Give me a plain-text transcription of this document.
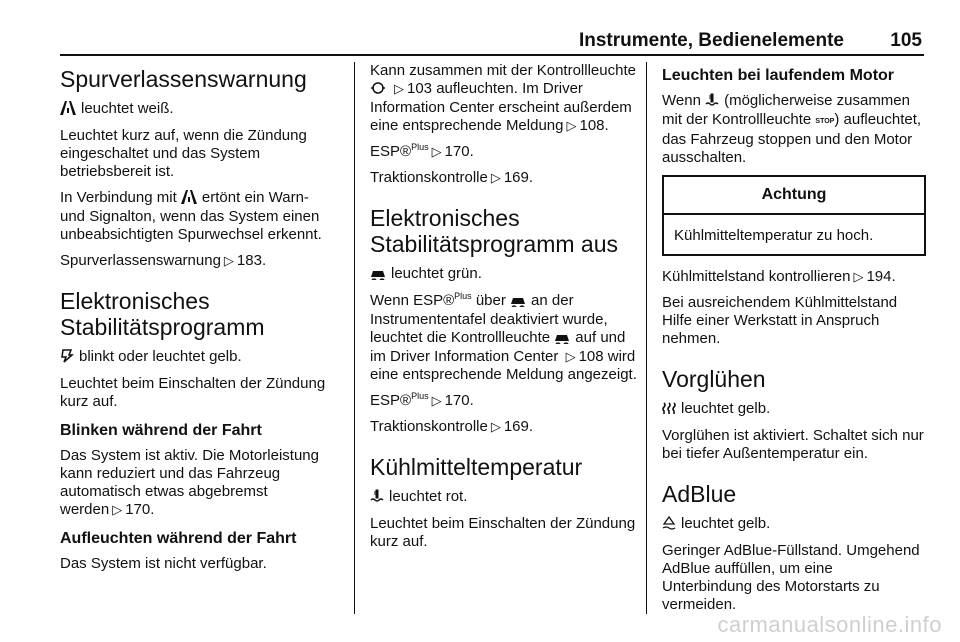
Instrumente, Bedienelemente 105
Spurverlassenswarnung

leuchtet weiß.

Leuchtet kurz auf, wenn die Zündung eingeschaltet und das System betriebsbereit ist.

In Verbindung mit ertönt ein Warn- und Signalton, wenn das System einen unbeabsichtigten Spurwechsel erkennt.

Spurverlassenswarnung ▷ 183.

Elektronisches Stabilitätsprogramm

blinkt oder leuchtet gelb.

Leuchtet beim Einschalten der Zündung kurz auf.

Blinken während der Fahrt

Das System ist aktiv. Die Motorleistung kann reduziert und das Fahrzeug automatisch etwas abgebremst werden ▷ 170.

Aufleuchten während der Fahrt

Das System ist nicht verfügbar.

Kann zusammen mit der Kontrollleuchte ▷ 103 aufleuchten. Im Driver Information Center erscheint außerdem eine entsprechende Meldung ▷ 108.

ESP®$^{Plus}$ ▷ 170.

Traktionskontrolle ▷ 169.

Elektronisches Stabilitätsprogramm aus

leuchtet grün.

Wenn ESP®$^{Plus}$ über an der Instrumententafel deaktiviert wurde, leuchtet die Kontrollleuchte auf und im Driver Information Center ▷ 108 wird eine entsprechende Meldung angezeigt.

ESP®$^{Plus}$ ▷ 170.

Traktionskontrolle ▷ 169.

Kühlmitteltemperatur

leuchtet rot.

Leuchtet beim Einschalten der Zündung kurz auf.

Leuchten bei laufendem Motor

Wenn (möglicherweise zusammen mit der Kontrollleuchte STOP) aufleuchtet, das Fahrzeug stoppen und den Motor ausschalten.

Achtung
Kühlmitteltemperatur zu hoch.

Kühlmittelstand kontrollieren ▷ 194.

Bei ausreichendem Kühlmittelstand Hilfe einer Werkstatt in Anspruch nehmen.

Vorglühen

leuchtet gelb.

Vorglühen ist aktiviert. Schaltet sich nur bei tiefer Außentemperatur ein.

AdBlue

leuchtet gelb.

Geringer AdBlue-Füllstand. Umgehend AdBlue auffüllen, um eine Unterbindung des Motorstarts zu vermeiden.

carmanualsonline.info
